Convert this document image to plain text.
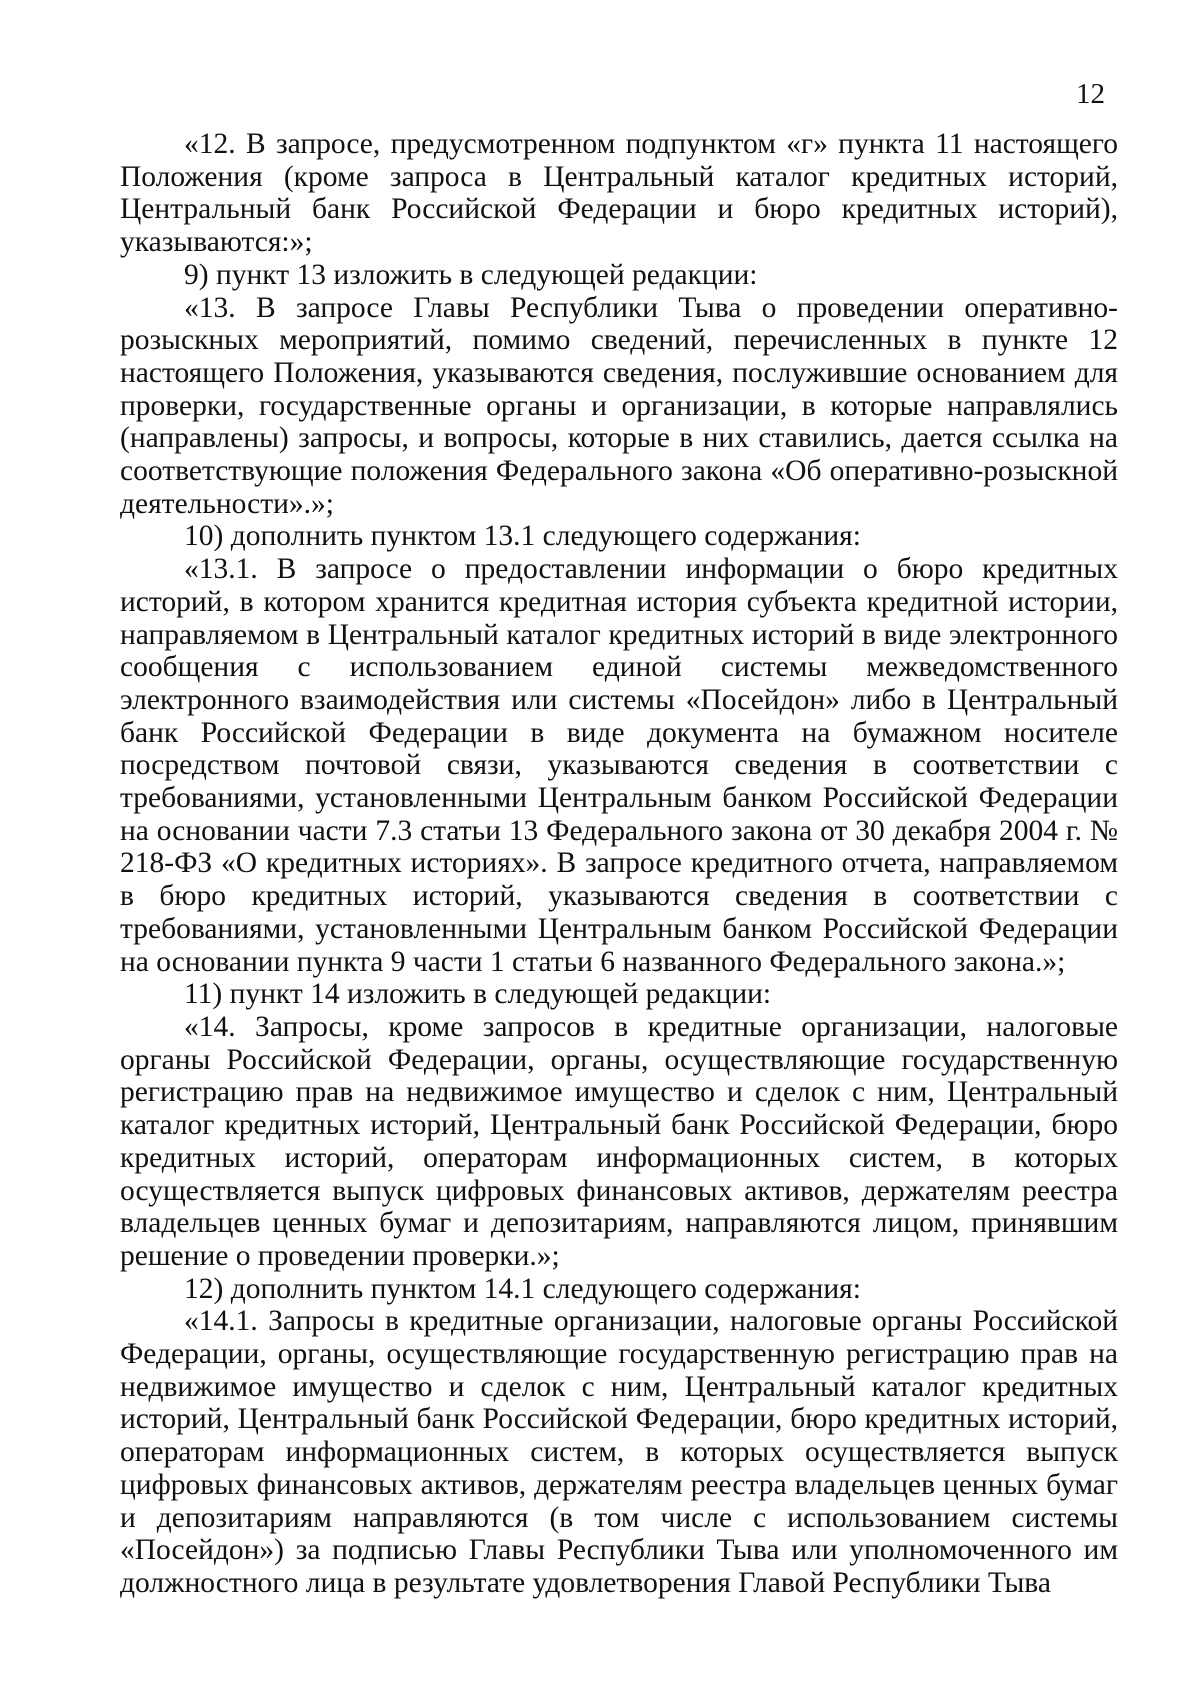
12

«12. В запросе, предусмотренном подпунктом «г» пункта 11 настоящего Положения (кроме запроса в Центральный каталог кредитных историй, Центральный банк Российской Федерации и бюро кредитных историй), указываются:»;

9) пункт 13 изложить в следующей редакции:

«13. В запросе Главы Республики Тыва о проведении оперативно-розыскных мероприятий, помимо сведений, перечисленных в пункте 12 настоящего Положения, указываются сведения, послужившие основанием для проверки, государственные органы и организации, в которые направлялись (направлены) запросы, и вопросы, которые в них ставились, дается ссылка на соответствующие положения Федерального закона «Об оперативно-розыскной деятельности».»;

10) дополнить пунктом 13.1 следующего содержания:

«13.1. В запросе о предоставлении информации о бюро кредитных историй, в котором хранится кредитная история субъекта кредитной истории, направляемом в Центральный каталог кредитных историй в виде электронного сообщения с использованием единой системы межведомственного электронного взаимодействия или системы «Посейдон» либо в Центральный банк Российской Федерации в виде документа на бумажном носителе посредством почтовой связи, указываются сведения в соответствии с требованиями, установленными Центральным банком Российской Федерации на основании части 7.3 статьи 13 Федерального закона от 30 декабря 2004 г. № 218-ФЗ «О кредитных историях». В запросе кредитного отчета, направляемом в бюро кредитных историй, указываются сведения в соответствии с требованиями, установленными Центральным банком Российской Федерации на основании пункта 9 части 1 статьи 6 названного Федерального закона.»;

11) пункт 14 изложить в следующей редакции:

«14. Запросы, кроме запросов в кредитные организации, налоговые органы Российской Федерации, органы, осуществляющие государственную регистрацию прав на недвижимое имущество и сделок с ним, Центральный каталог кредитных историй, Центральный банк Российской Федерации, бюро кредитных историй, операторам информационных систем, в которых осуществляется выпуск цифровых финансовых активов, держателям реестра владельцев ценных бумаг и депозитариям, направляются лицом, принявшим решение о проведении проверки.»;

12) дополнить пунктом 14.1 следующего содержания:

«14.1. Запросы в кредитные организации, налоговые органы Российской Федерации, органы, осуществляющие государственную регистрацию прав на недвижимое имущество и сделок с ним, Центральный каталог кредитных историй, Центральный банк Российской Федерации, бюро кредитных историй, операторам информационных систем, в которых осуществляется выпуск цифровых финансовых активов, держателям реестра владельцев ценных бумаг и депозитариям направляются (в том числе с использованием системы «Посейдон») за подписью Главы Республики Тыва или уполномоченного им должностного лица в результате удовлетворения Главой Республики Тыва
